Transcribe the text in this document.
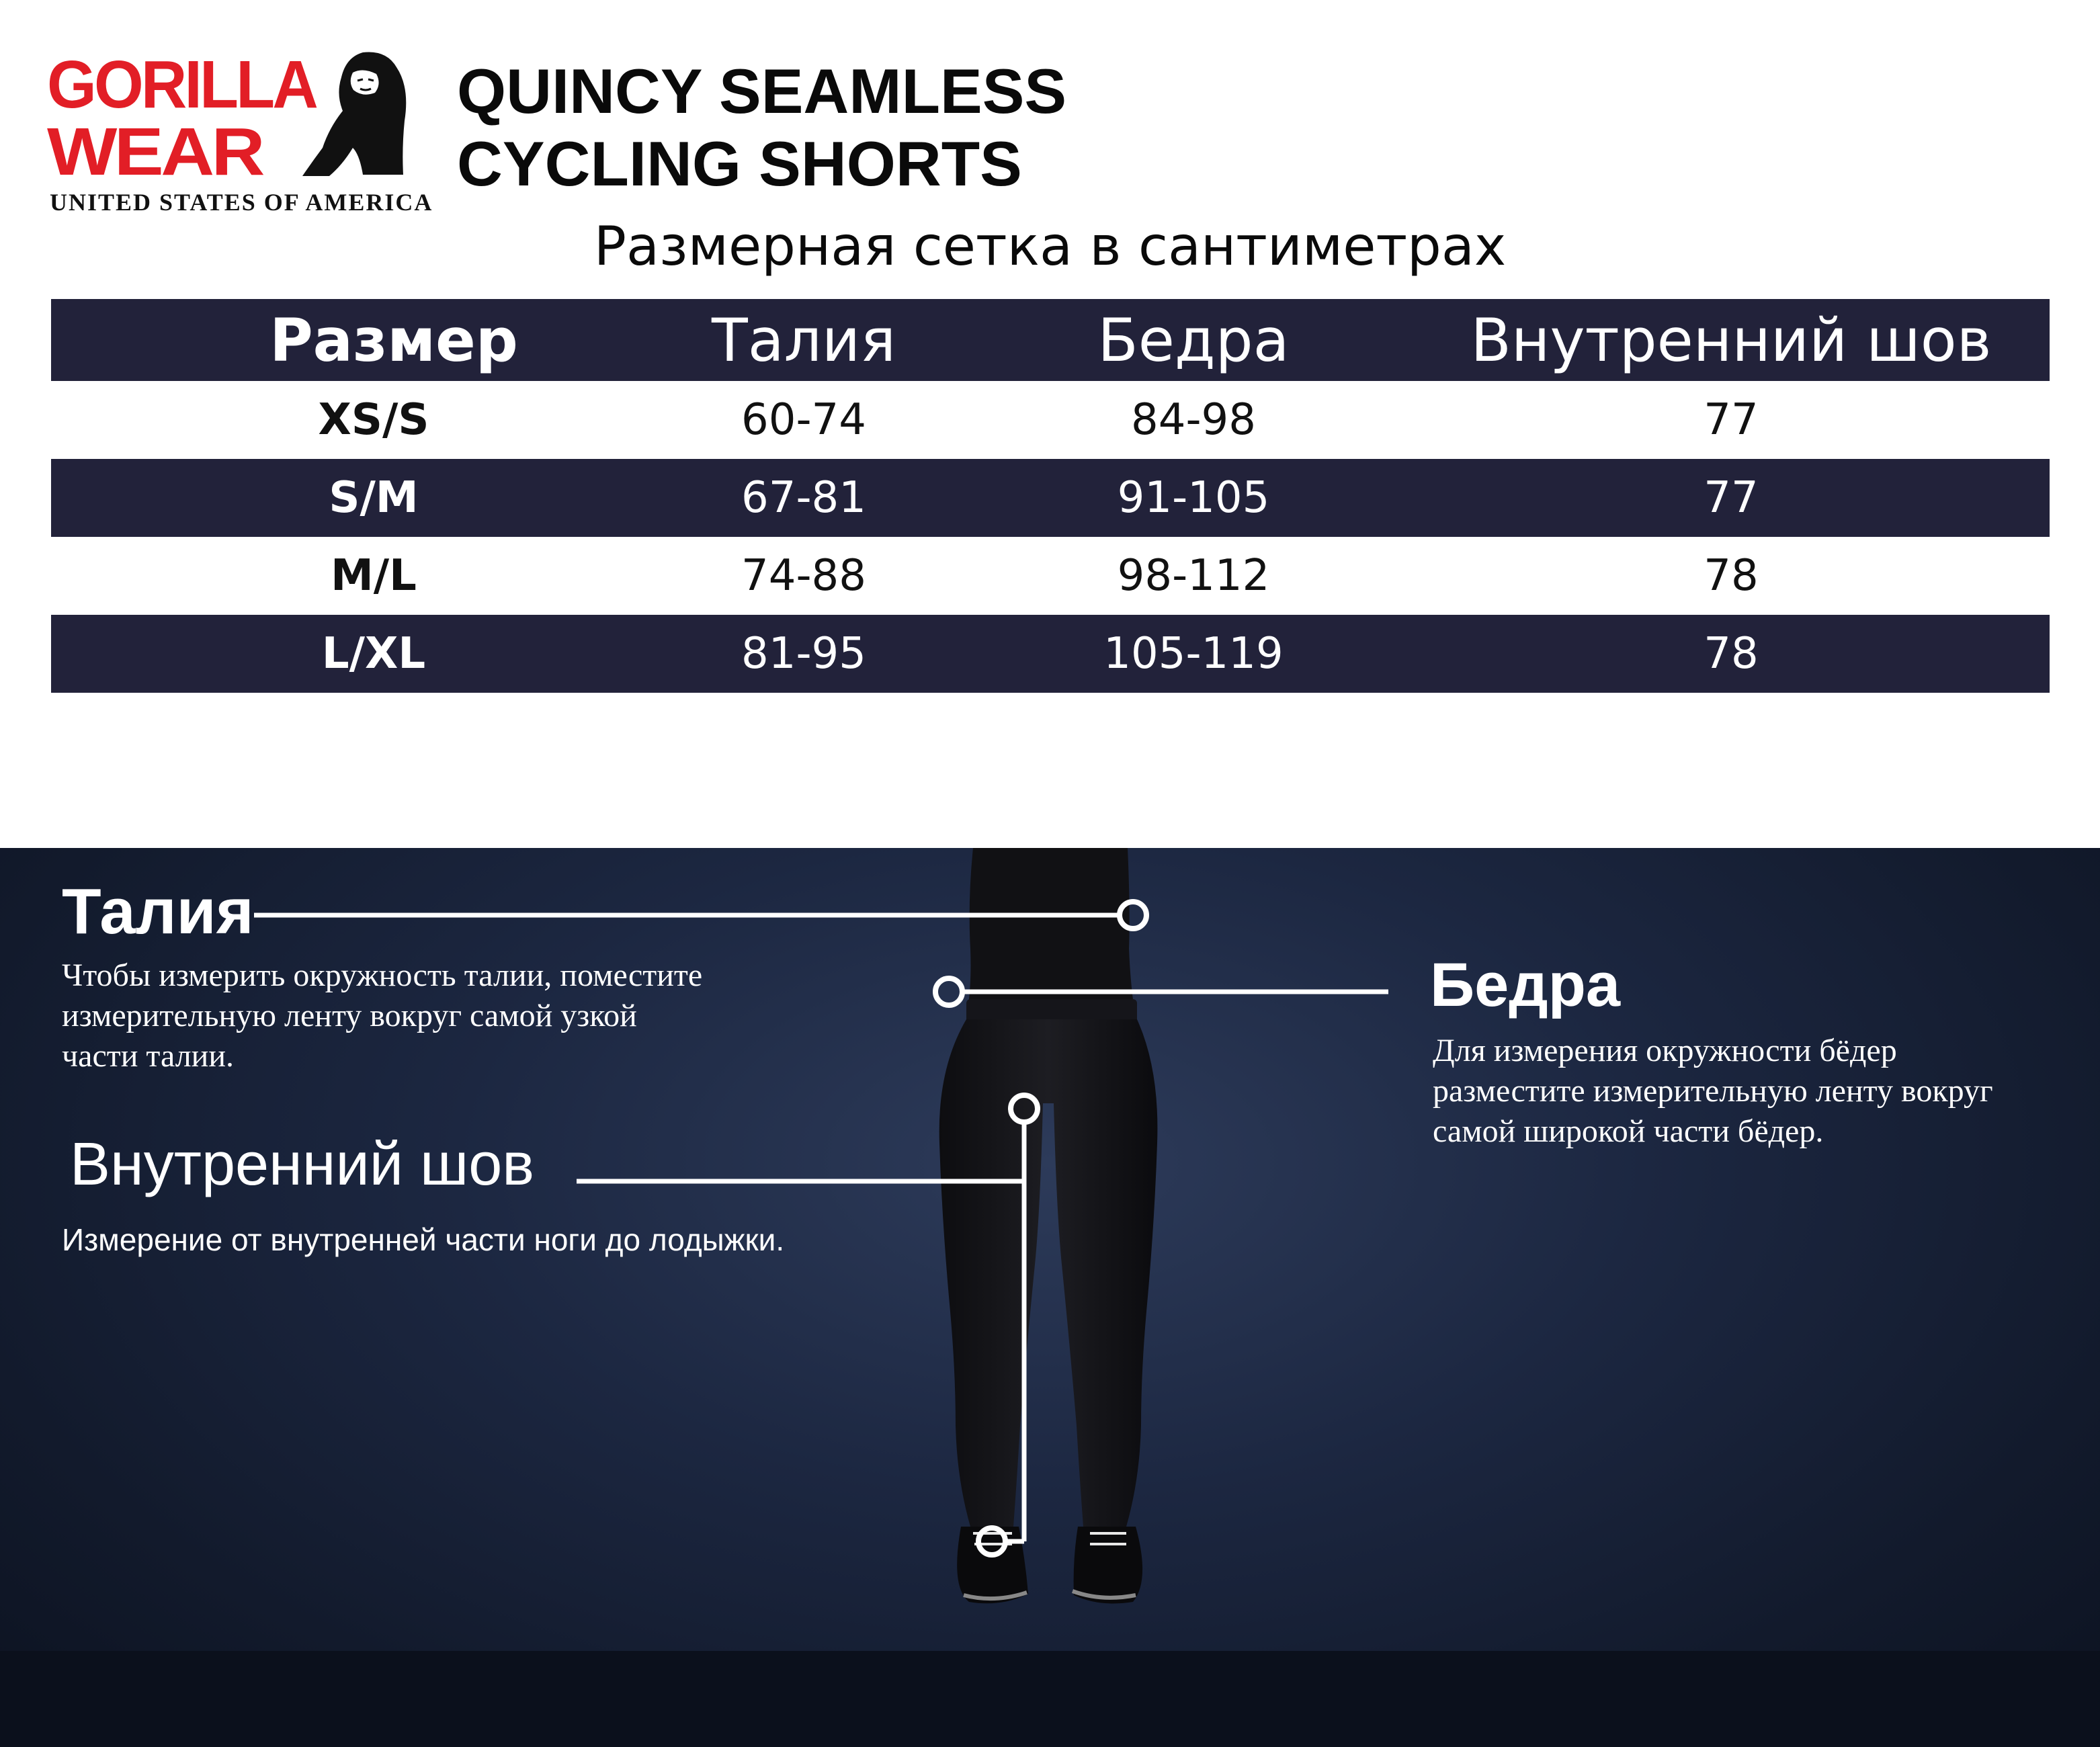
GORILLA
WEAR
UNITED STATES OF AMERICA
QUINCY SEAMLESS
CYCLING SHORTS
Размерная сетка в сантиметрах
Размер	Талия	Бедра	Внутренний шов
XS/S	60-74	84-98	77
S/M	67-81	91-105	77
M/L	74-88	98-112	78
L/XL	81-95	105-119	78
Талия
Чтобы измерить окружность талии, поместите измерительную ленту вокруг самой узкой части талии.
Бедра
Для измерения окружности бёдер разместите измерительную ленту вокруг самой широкой части бёдер.
Внутренний шов
Измерение от внутренней части ноги до лодыжки.
